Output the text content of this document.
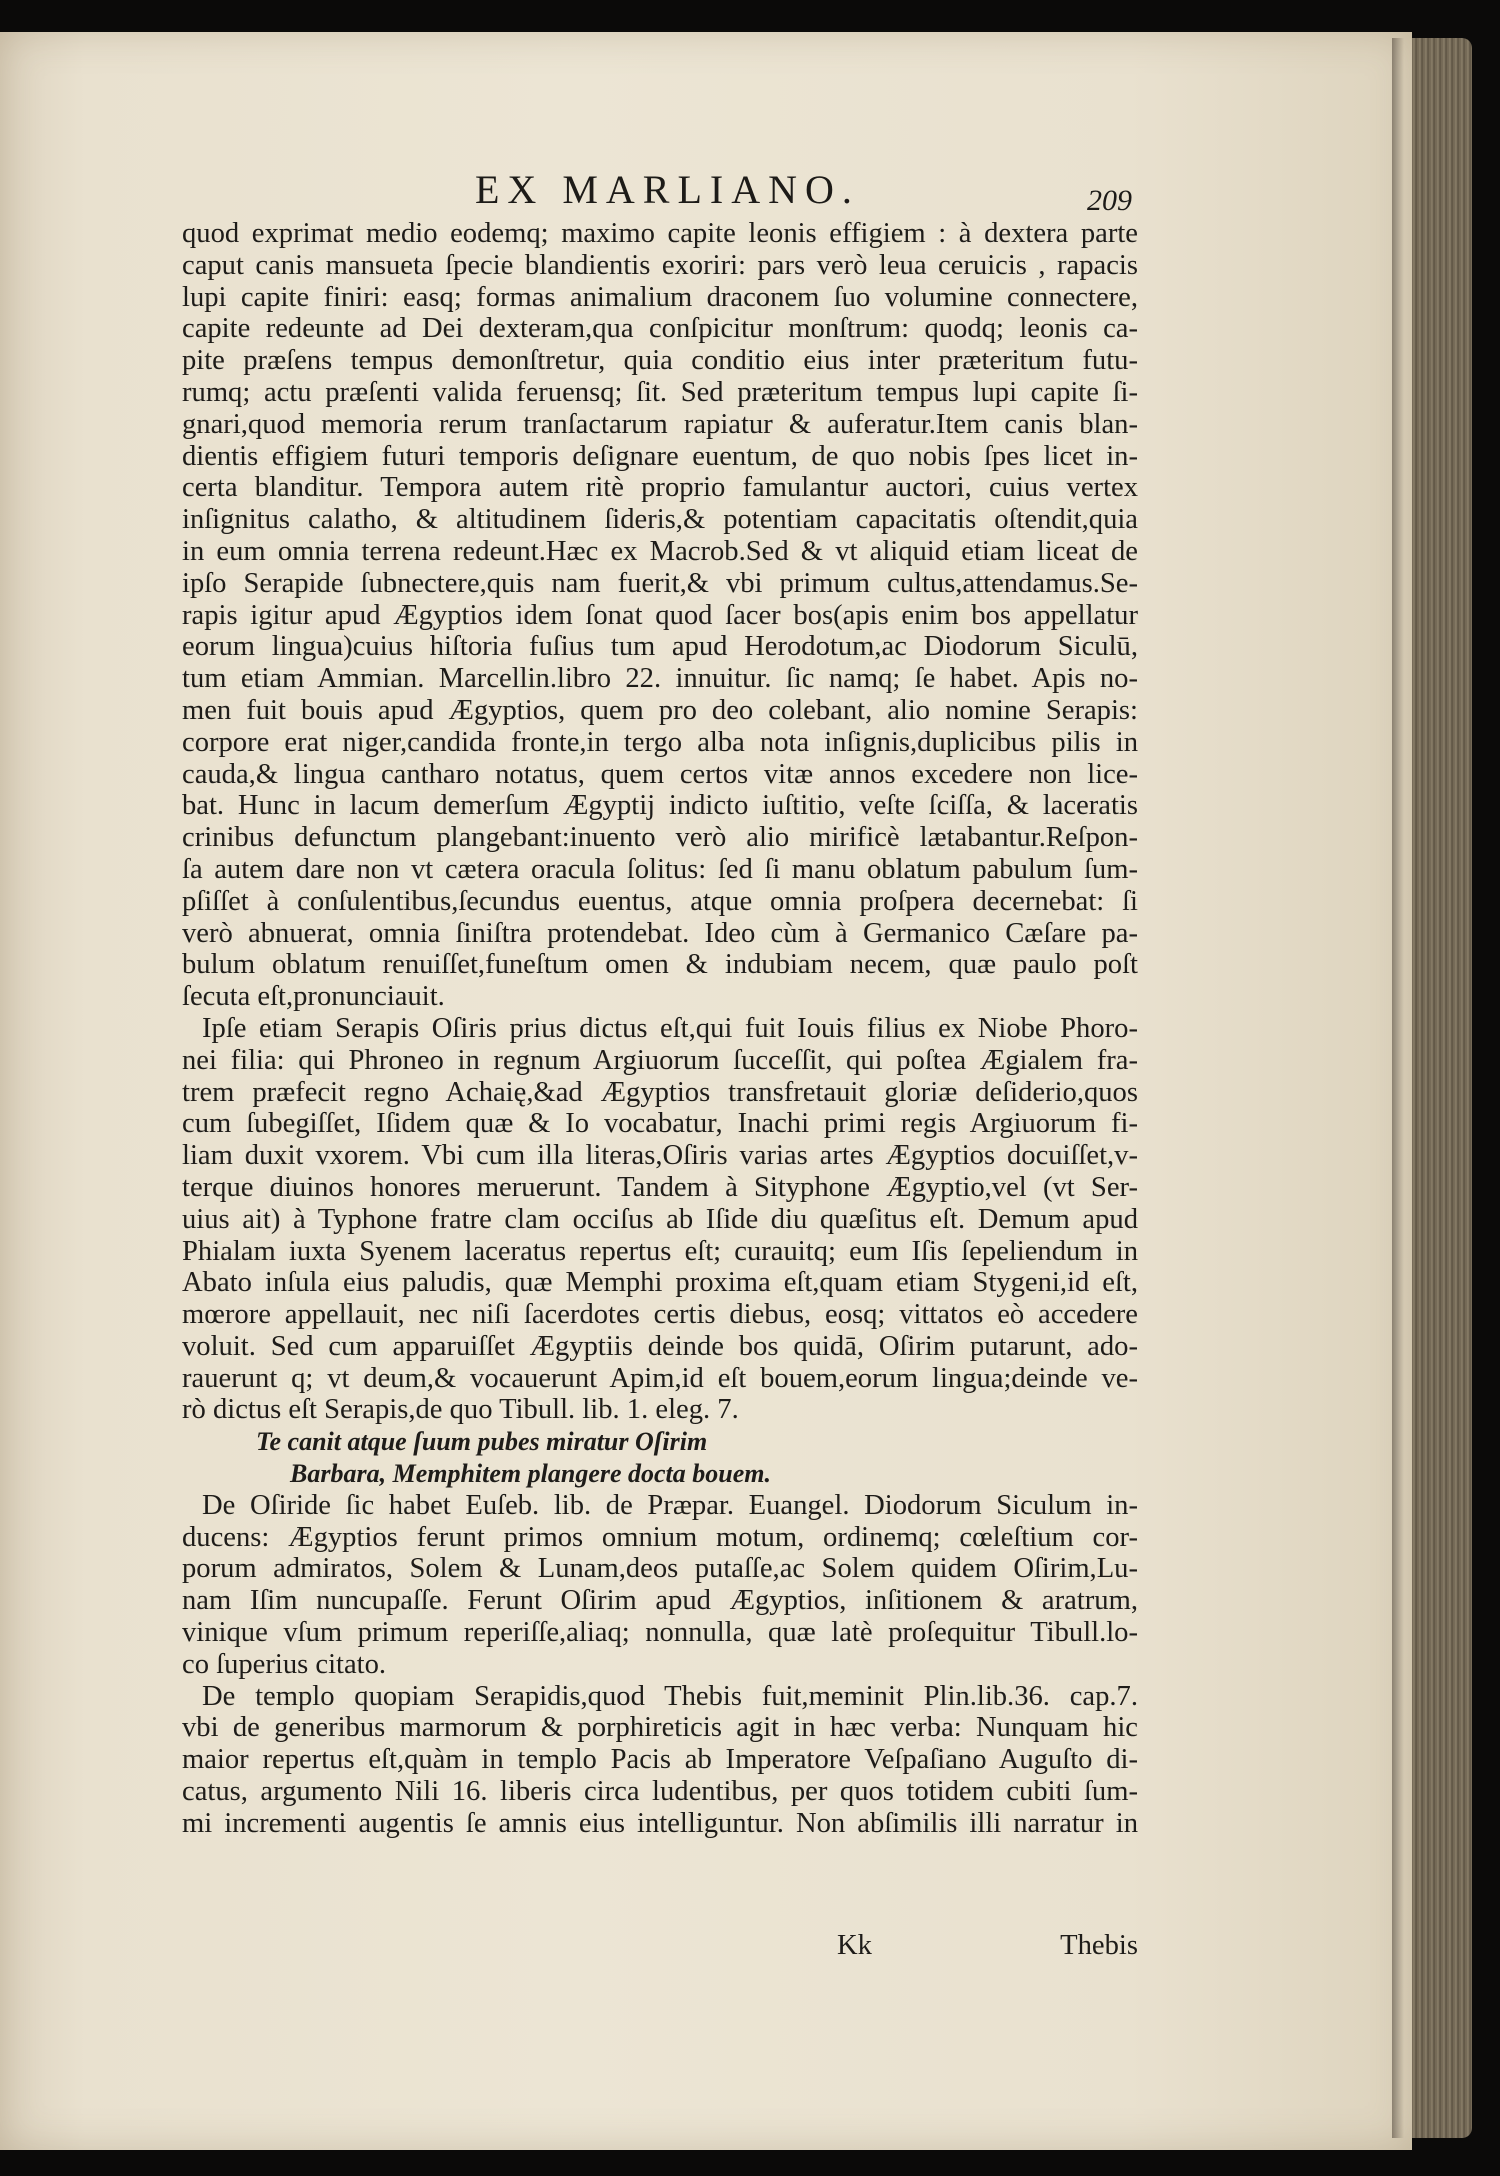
EX MARLIANO.	209
quod exprimat medio eodemq; maximo capite leonis effigiem : à dextera parte
caput canis mansueta ſpecie blandientis exoriri: pars verò leua ceruicis , rapacis
lupi capite finiri: easq; formas animalium draconem ſuo volumine connectere,
capite redeunte ad Dei dexteram,qua conſpicitur monſtrum: quodq; leonis ca-
pite præſens tempus demonſtretur, quia conditio eius inter præteritum futu-
rumq; actu præſenti valida feruensq; ſit. Sed præteritum tempus lupi capite ſi-
gnari,quod memoria rerum tranſactarum rapiatur & auferatur.Item canis blan-
dientis effigiem futuri temporis deſignare euentum, de quo nobis ſpes licet in-
certa blanditur. Tempora autem ritè proprio famulantur auctori, cuius vertex
inſignitus calatho, & altitudinem ſideris,& potentiam capacitatis oſtendit,quia
in eum omnia terrena redeunt.Hæc ex Macrob.Sed & vt aliquid etiam liceat de
ipſo Serapide ſubnectere,quis nam fuerit,& vbi primum cultus,attendamus.Se-
rapis igitur apud Ægyptios idem ſonat quod ſacer bos(apis enim bos appellatur
eorum lingua)cuius hiſtoria fuſius tum apud Herodotum,ac Diodorum Siculū,
tum etiam Ammian. Marcellin.libro 22. innuitur. ſic namq; ſe habet. Apis no-
men fuit bouis apud Ægyptios, quem pro deo colebant, alio nomine Serapis:
corpore erat niger,candida fronte,in tergo alba nota inſignis,duplicibus pilis in
cauda,& lingua cantharo notatus, quem certos vitæ annos excedere non lice-
bat. Hunc in lacum demerſum Ægyptij indicto iuſtitio, veſte ſciſſa, & laceratis
crinibus defunctum plangebant:inuento verò alio mirificè lætabantur.Reſpon-
ſa autem dare non vt cætera oracula ſolitus: ſed ſi manu oblatum pabulum ſum-
pſiſſet à conſulentibus,ſecundus euentus, atque omnia proſpera decernebat: ſi
verò abnuerat, omnia ſiniſtra protendebat. Ideo cùm à Germanico Cæſare pa-
bulum oblatum renuiſſet,funeſtum omen & indubiam necem, quæ paulo poſt
ſecuta eſt,pronunciauit.
Ipſe etiam Serapis Oſiris prius dictus eſt,qui fuit Iouis filius ex Niobe Phoro-
nei filia: qui Phroneo in regnum Argiuorum ſucceſſit, qui poſtea Ægialem fra-
trem præfecit regno Achaię,&ad Ægyptios transfretauit gloriæ deſiderio,quos
cum ſubegiſſet, Iſidem quæ & Io vocabatur, Inachi primi regis Argiuorum fi-
liam duxit vxorem. Vbi cum illa literas,Oſiris varias artes Ægyptios docuiſſet,v-
terque diuinos honores meruerunt. Tandem à Sityphone Ægyptio,vel (vt Ser-
uius ait) à Typhone fratre clam occiſus ab Iſide diu quæſitus eſt. Demum apud
Phialam iuxta Syenem laceratus repertus eſt; curauitq; eum Iſis ſepeliendum in
Abato inſula eius paludis, quæ Memphi proxima eſt,quam etiam Stygeni,id eſt,
mœrore appellauit, nec niſi ſacerdotes certis diebus, eosq; vittatos eò accedere
voluit. Sed cum apparuiſſet Ægyptiis deinde bos quidā, Oſirim putarunt, ado-
rauerunt q; vt deum,& vocauerunt Apim,id eſt bouem,eorum lingua;deinde ve-
rò dictus eſt Serapis,de quo Tibull. lib. 1. eleg. 7.
Te canit atque ſuum pubes miratur Oſirim
Barbara, Memphitem plangere docta bouem.
De Oſiride ſic habet Euſeb. lib. de Præpar. Euangel. Diodorum Siculum in-
ducens: Ægyptios ferunt primos omnium motum, ordinemq; cœleſtium cor-
porum admiratos, Solem & Lunam,deos putaſſe,ac Solem quidem Oſirim,Lu-
nam Iſim nuncupaſſe. Ferunt Oſirim apud Ægyptios, inſitionem & aratrum,
vinique vſum primum reperiſſe,aliaq; nonnulla, quæ latè proſequitur Tibull.lo-
co ſuperius citato.
De templo quopiam Serapidis,quod Thebis fuit,meminit Plin.lib.36. cap.7.
vbi de generibus marmorum & porphireticis agit in hæc verba: Nunquam hic
maior repertus eſt,quàm in templo Pacis ab Imperatore Veſpaſiano Auguſto di-
catus, argumento Nili 16. liberis circa ludentibus, per quos totidem cubiti ſum-
mi incrementi augentis ſe amnis eius intelliguntur. Non abſimilis illi narratur in
Kk	Thebis
